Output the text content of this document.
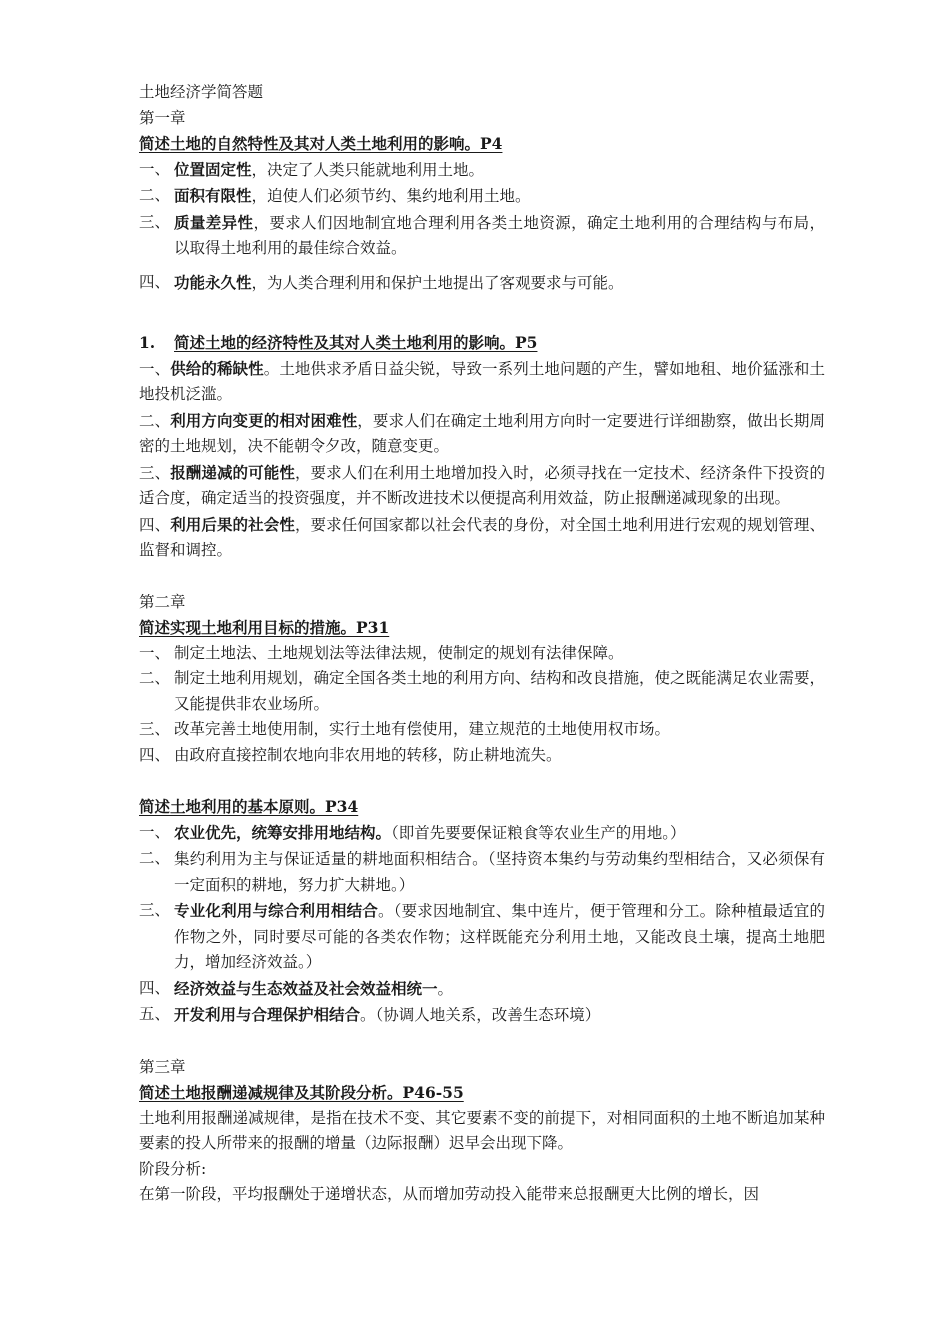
土地经济学简答题
第一章
简述土地的自然特性及其对人类土地利用的影响。P4
一、 位置固定性，决定了人类只能就地利用土地。
二、 面积有限性，迫使人们必须节约、集约地利用土地。
三、 质量差异性，要求人们因地制宜地合理利用各类土地资源，确定土地利用的合理结构与布局，以取得土地利用的最佳综合效益。
四、 功能永久性，为人类合理利用和保护土地提出了客观要求与可能。
1.	简述土地的经济特性及其对人类土地利用的影响。P5
一、供给的稀缺性。土地供求矛盾日益尖锐，导致一系列土地问题的产生，譬如地租、地价猛涨和土地投机泛滥。
二、利用方向变更的相对困难性，要求人们在确定土地利用方向时一定要进行详细勘察，做出长期周密的土地规划，决不能朝令夕改，随意变更。
三、报酬递减的可能性，要求人们在利用土地增加投入时，必须寻找在一定技术、经济条件下投资的适合度，确定适当的投资强度，并不断改进技术以便提高利用效益，防止报酬递减现象的出现。
四、利用后果的社会性，要求任何国家都以社会代表的身份，对全国土地利用进行宏观的规划管理、监督和调控。
第二章
简述实现土地利用目标的措施。P31
一、 制定土地法、土地规划法等法律法规，使制定的规划有法律保障。
二、 制定土地利用规划，确定全国各类土地的利用方向、结构和改良措施，使之既能满足农业需要，又能提供非农业场所。
三、 改革完善土地使用制，实行土地有偿使用，建立规范的土地使用权市场。
四、 由政府直接控制农地向非农用地的转移，防止耕地流失。
简述土地利用的基本原则。P34
一、 农业优先，统筹安排用地结构。（即首先要要保证粮食等农业生产的用地。）
二、 集约利用为主与保证适量的耕地面积相结合。（坚持资本集约与劳动集约型相结合，又必须保有一定面积的耕地，努力扩大耕地。）
三、 专业化利用与综合利用相结合。（要求因地制宜、集中连片，便于管理和分工。除种植最适宜的作物之外，同时要尽可能的各类农作物；这样既能充分利用土地，又能改良土壤，提高土地肥力，增加经济效益。）
四、 经济效益与生态效益及社会效益相统一。
五、 开发利用与合理保护相结合。（协调人地关系，改善生态环境）
第三章
简述土地报酬递减规律及其阶段分析。P46-55
土地利用报酬递减规律，是指在技术不变、其它要素不变的前提下，对相同面积的土地不断追加某种要素的投人所带来的报酬的增量（边际报酬）迟早会出现下降。
阶段分析:
在第一阶段，平均报酬处于递增状态，从而增加劳动投入能带来总报酬更大比例的增长，因
